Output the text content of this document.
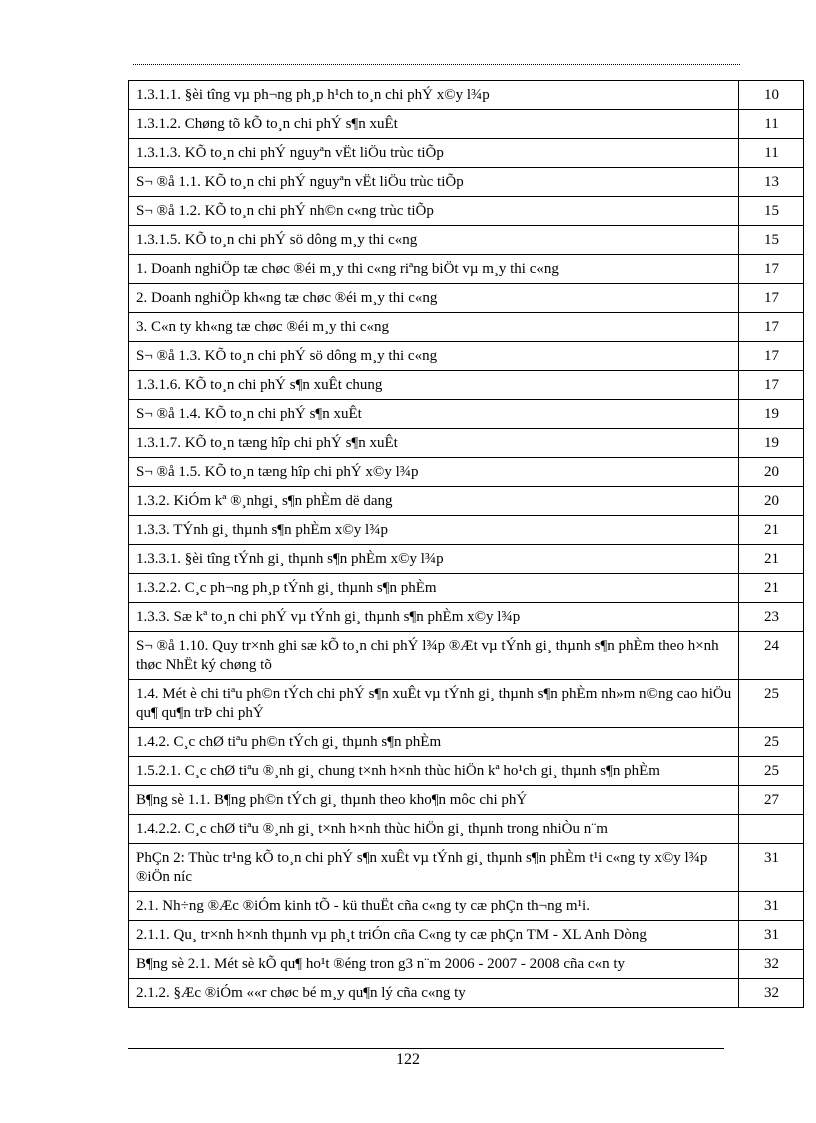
1.3.1.1. §èi tîng vµ ph¬ng ph¸p h¹ch to¸n chi phÝ x©y l¾p	10
1.3.1.2. Chøng tõ kÕ to¸n chi phÝ s¶n xuÊt	11
1.3.1.3. KÕ to¸n chi phÝ nguyªn vËt liÖu trùc tiÕp	11
S¬ ®å 1.1. KÕ to¸n chi phÝ nguyªn vËt liÖu trùc tiÕp	13
S¬ ®å 1.2. KÕ to¸n chi phÝ nh©n c«ng trùc tiÕp	15
1.3.1.5. KÕ to¸n chi phÝ sö dông m¸y thi c«ng	15
1. Doanh nghiÖp tæ chøc ®éi m¸y thi c«ng riªng biÖt vµ m¸y thi c«ng	17
2. Doanh nghiÖp kh«ng tæ chøc ®éi m¸y thi c«ng	17
3. C«n ty kh«ng tæ chøc ®éi m¸y thi c«ng	17
S¬ ®å 1.3. KÕ to¸n chi phÝ sö dông m¸y thi c«ng	17
1.3.1.6. KÕ to¸n chi phÝ s¶n xuÊt chung	17
S¬ ®å 1.4. KÕ to¸n chi phÝ s¶n xuÊt	19
1.3.1.7. KÕ to¸n tæng hîp chi phÝ s¶n xuÊt	19
S¬ ®å 1.5. KÕ to¸n tæng hîp chi phÝ x©y l¾p	20
1.3.2. KiÓm kª ®¸nhgi¸ s¶n phÈm dë dang	20
1.3.3. TÝnh gi¸ thµnh s¶n phÈm x©y l¾p	21
1.3.3.1. §èi tîng tÝnh gi¸ thµnh s¶n phÈm x©y l¾p	21
1.3.2.2. C¸c ph¬ng ph¸p tÝnh gi¸ thµnh s¶n phÈm	21
1.3.3. Sæ kª to¸n chi phÝ vµ tÝnh gi¸ thµnh s¶n phÈm x©y l¾p	23
S¬ ®å 1.10. Quy tr×nh ghi sæ kÕ to¸n chi phÝ l¾p ®Æt vµ tÝnh gi¸ thµnh s¶n phÈm theo h×nh thøc NhËt ký chøng tõ	24
1.4. Mét è chi tiªu ph©n tÝch chi phÝ s¶n xuÊt vµ tÝnh gi¸ thµnh s¶n phÈm nh»m n©ng cao hiÖu qu¶ qu¶n trÞ chi phÝ	25
1.4.2. C¸c chØ tiªu ph©n tÝch gi¸ thµnh s¶n phÈm	25
1.5.2.1. C¸c chØ tiªu ®¸nh gi¸ chung t×nh h×nh thùc hiÖn kª ho¹ch gi¸ thµnh s¶n phÈm	25
B¶ng sè 1.1. B¶ng ph©n tÝch gi¸ thµnh theo kho¶n môc chi phÝ	27
1.4.2.2. C¸c chØ tiªu ®¸nh gi¸ t×nh h×nh thùc hiÖn gi¸ thµnh trong nhiÒu n¨m	
PhÇn 2: Thùc tr¹ng kÕ to¸n chi phÝ s¶n xuÊt vµ tÝnh gi¸ thµnh s¶n phÈm t¹i c«ng ty x©y l¾p ®iÖn níc	31
2.1. Nh÷ng ®Æc ®iÓm kinh tÕ - kü thuËt cña c«ng ty cæ phÇn th¬ng m¹i.	31
2.1.1. Qu¸ tr×nh h×nh thµnh vµ ph¸t triÓn cña C«ng ty cæ phÇn TM - XL Anh Dòng	31
B¶ng sè 2.1. Mét sè kÕ qu¶ ho¹t ®éng tron g3 n¨m 2006 - 2007 - 2008 cña c«n ty	32
2.1.2. §Æc ®iÓm ««r chøc bé m¸y qu¶n lý cña c«ng ty	32
122
